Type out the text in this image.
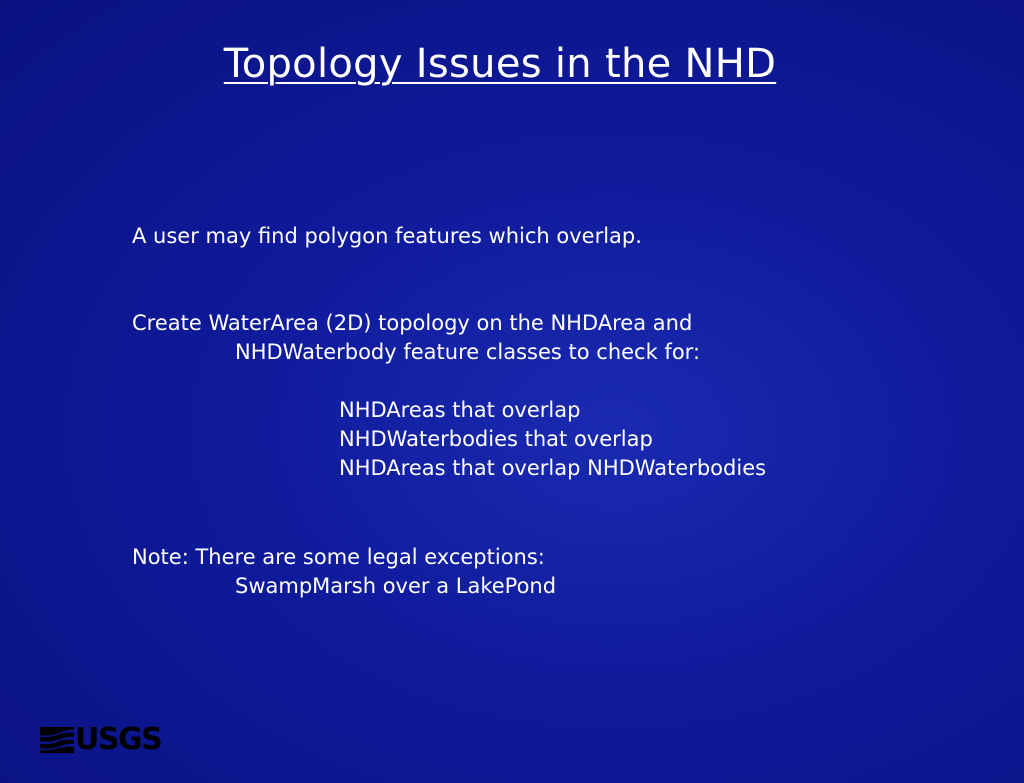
Topology Issues in the NHD
A user may find polygon features which overlap.
Create WaterArea (2D) topology on the NHDArea and
NHDWaterbody feature classes to check for:
NHDAreas that overlap
NHDWaterbodies that overlap
NHDAreas that overlap NHDWaterbodies
Note: There are some legal exceptions:
SwampMarsh over a LakePond
USGS
